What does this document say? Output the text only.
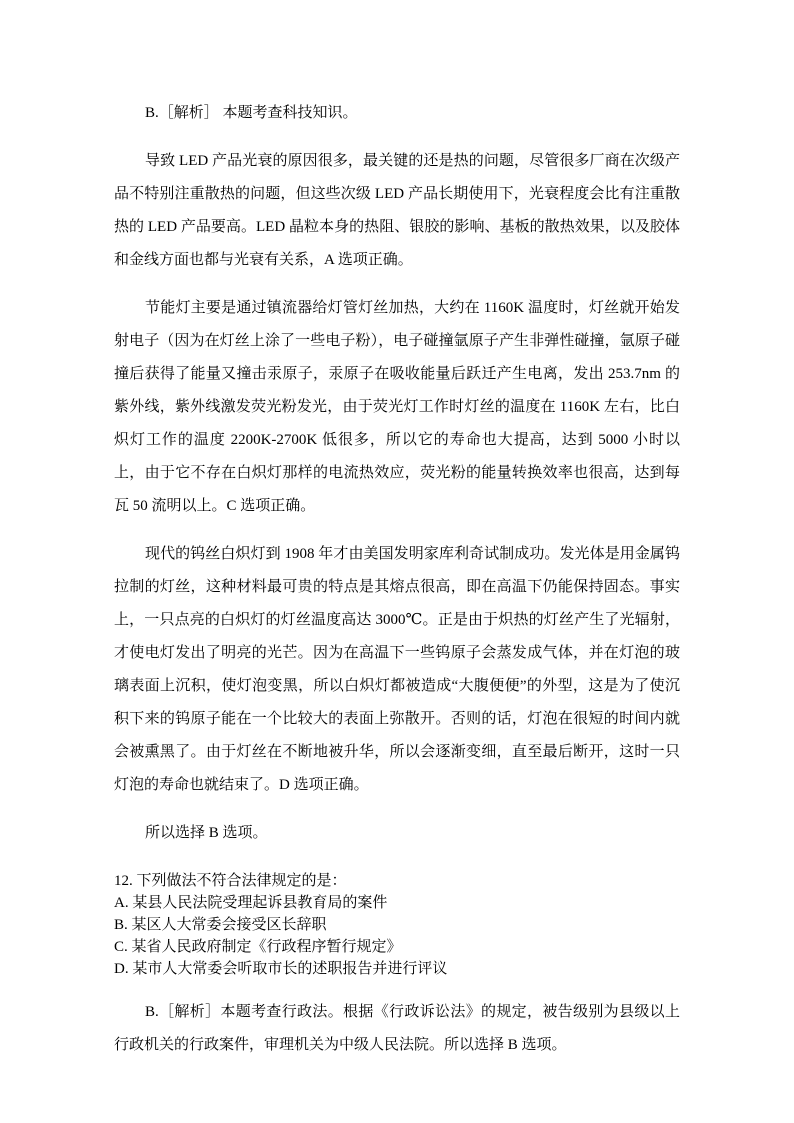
B.［解析］ 本题考查科技知识。

导致 LED 产品光衰的原因很多，最关键的还是热的问题，尽管很多厂商在次级产品不特别注重散热的问题，但这些次级 LED 产品长期使用下，光衰程度会比有注重散热的 LED 产品要高。LED 晶粒本身的热阻、银胶的影响、基板的散热效果，以及胶体和金线方面也都与光衰有关系，A 选项正确。

节能灯主要是通过镇流器给灯管灯丝加热，大约在 1160K 温度时，灯丝就开始发射电子（因为在灯丝上涂了一些电子粉），电子碰撞氩原子产生非弹性碰撞，氩原子碰撞后获得了能量又撞击汞原子，汞原子在吸收能量后跃迁产生电离，发出 253.7nm 的紫外线，紫外线激发荧光粉发光，由于荧光灯工作时灯丝的温度在 1160K 左右，比白炽灯工作的温度 2200K-2700K 低很多，所以它的寿命也大提高，达到 5000 小时以上，由于它不存在白炽灯那样的电流热效应，荧光粉的能量转换效率也很高，达到每瓦 50 流明以上。C 选项正确。

现代的钨丝白炽灯到 1908 年才由美国发明家库利奇试制成功。发光体是用金属钨拉制的灯丝，这种材料最可贵的特点是其熔点很高，即在高温下仍能保持固态。事实上，一只点亮的白炽灯的灯丝温度高达 3000℃。正是由于炽热的灯丝产生了光辐射，才使电灯发出了明亮的光芒。因为在高温下一些钨原子会蒸发成气体，并在灯泡的玻璃表面上沉积，使灯泡变黑，所以白炽灯都被造成“大腹便便”的外型，这是为了使沉积下来的钨原子能在一个比较大的表面上弥散开。否则的话，灯泡在很短的时间内就会被熏黑了。由于灯丝在不断地被升华，所以会逐渐变细，直至最后断开，这时一只灯泡的寿命也就结束了。D 选项正确。

所以选择 B 选项。

12. 下列做法不符合法律规定的是：

A. 某县人民法院受理起诉县教育局的案件

B. 某区人大常委会接受区长辞职

C. 某省人民政府制定《行政程序暂行规定》

D. 某市人大常委会听取市长的述职报告并进行评议

B.［解析］本题考查行政法。根据《行政诉讼法》的规定，被告级别为县级以上行政机关的行政案件，审理机关为中级人民法院。所以选择 B 选项。
